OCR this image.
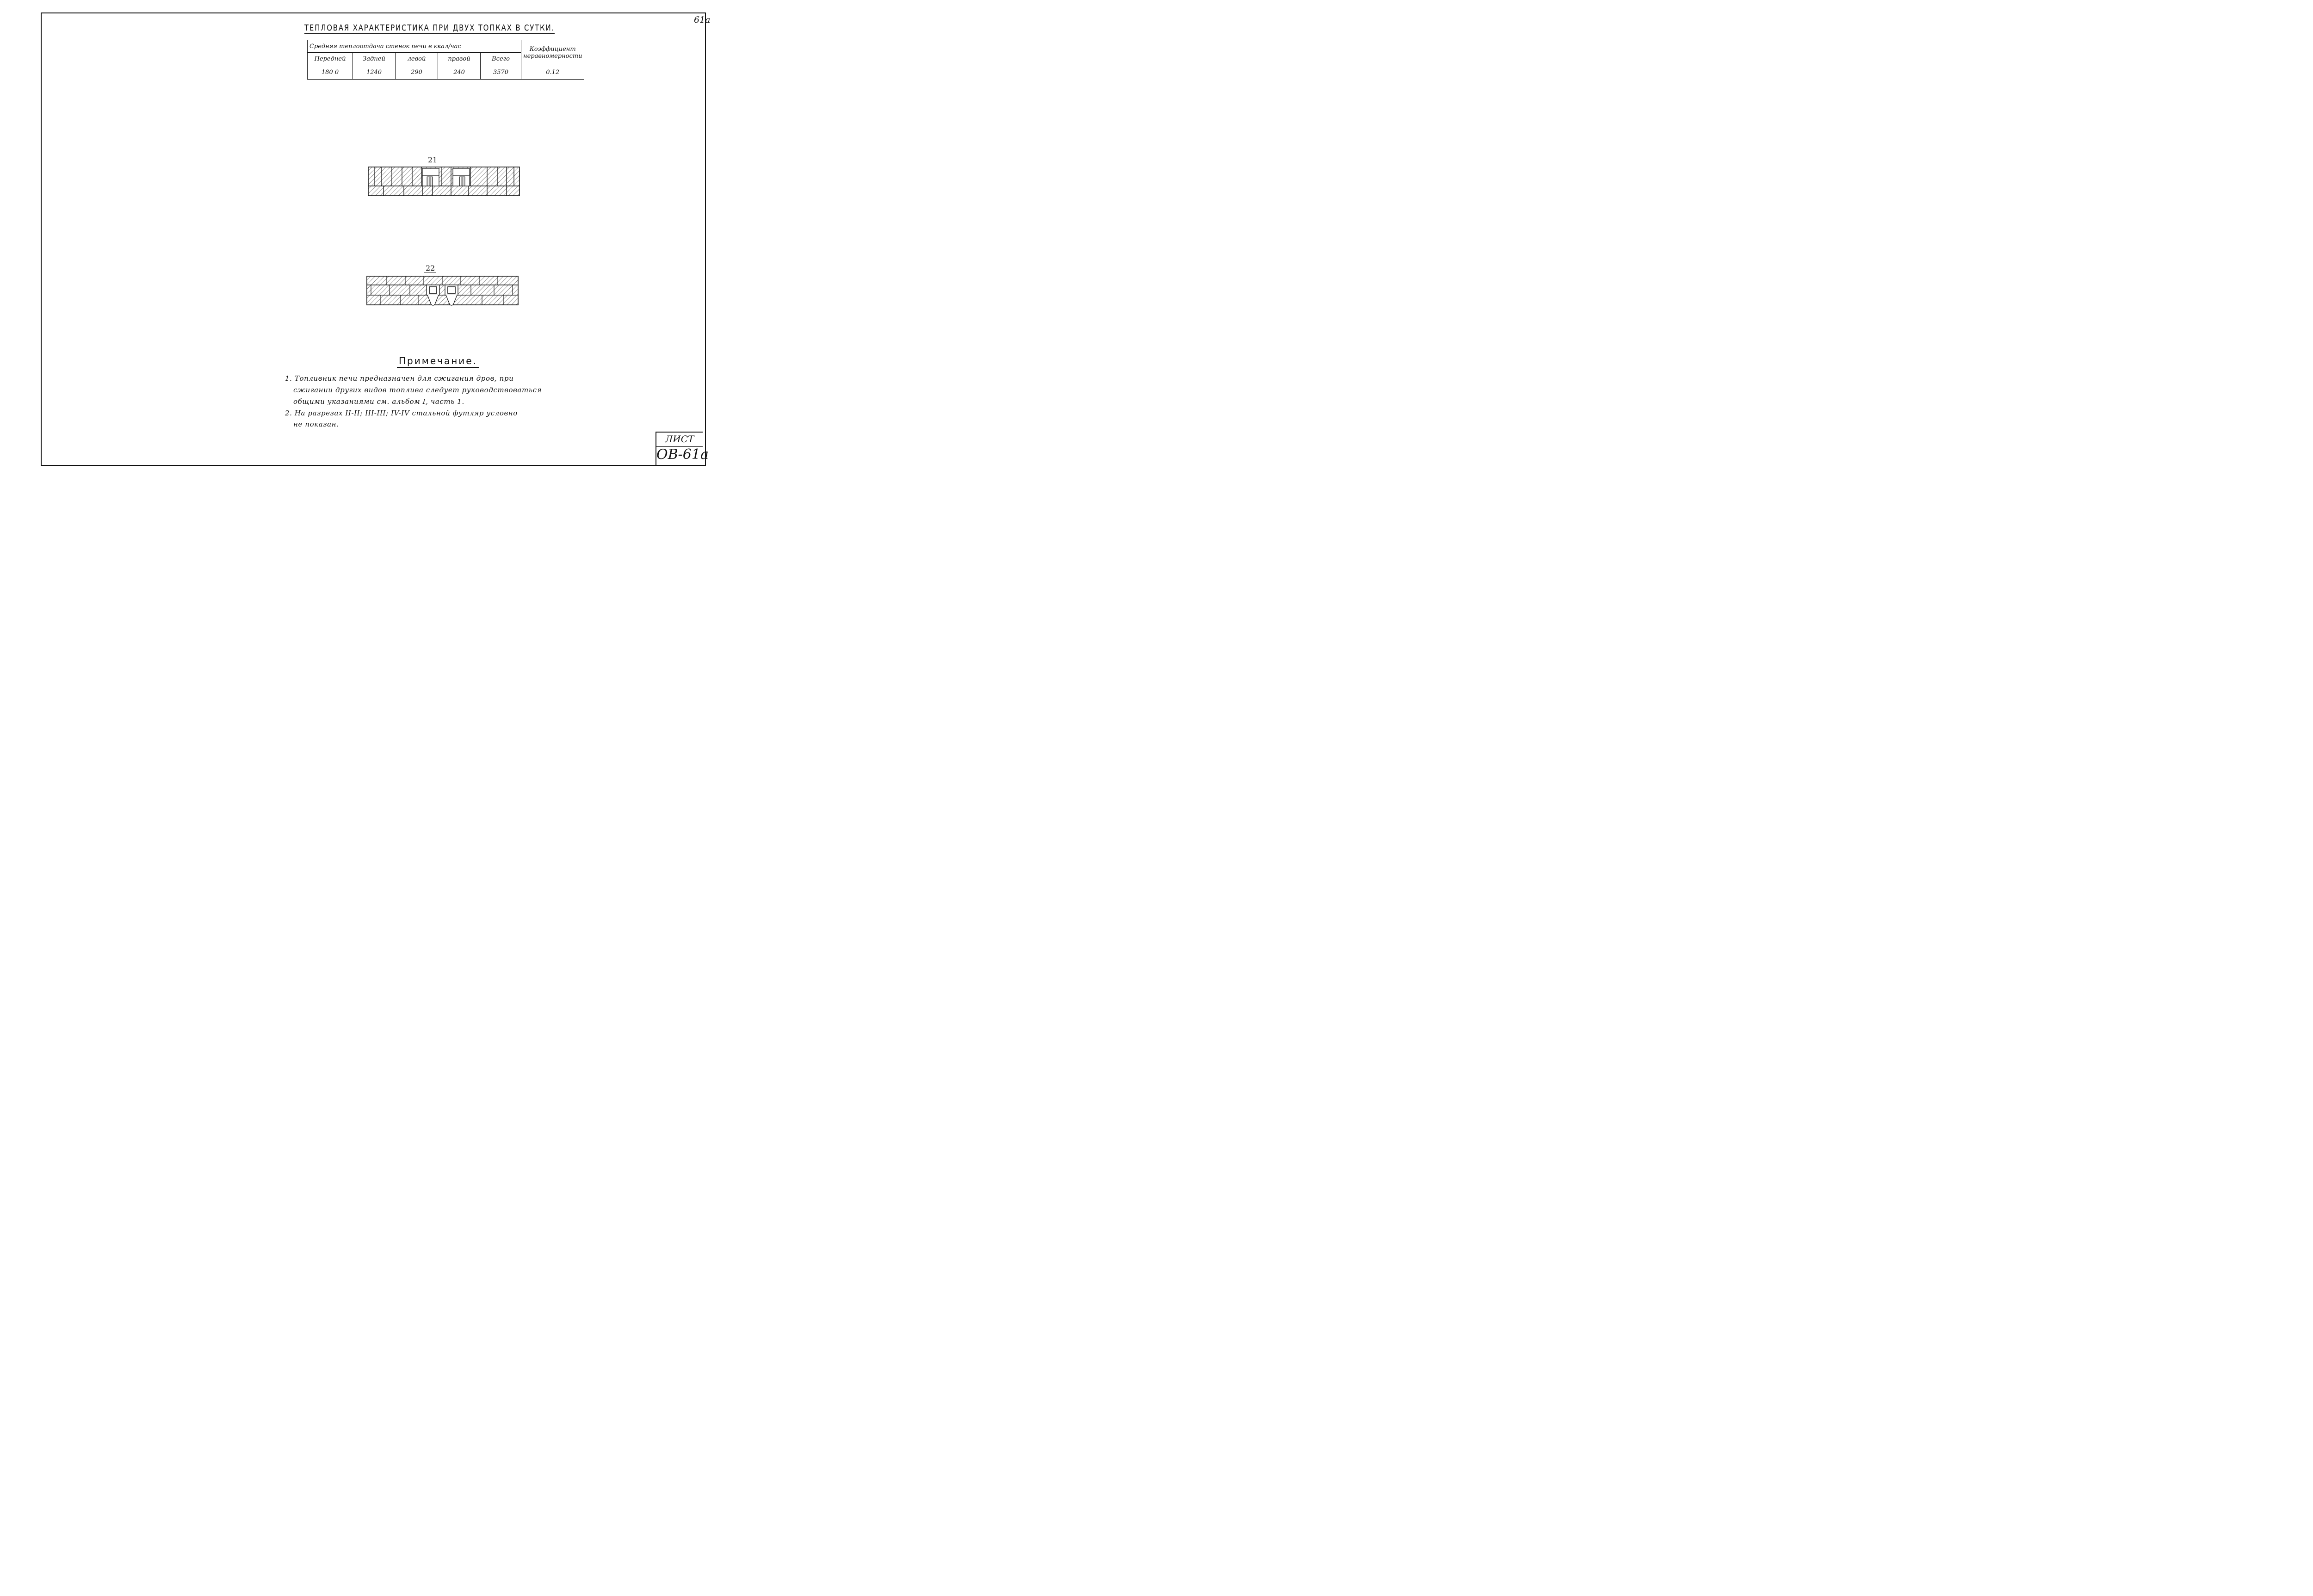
61a
ТЕПЛОВАЯ ХАРАКТЕРИСТИКА ПРИ ДВУХ ТОПКАХ В СУТКИ.
Средняя теплоотдача стенок печи в ккал/час					Коэффициент неравномерности
Передней	Задней	левой	правой	Всего	
180 0	1240	290	240	3570	0.12
21
22
Примечание.
1. Топливник печи предназначен для сжигания дров, при
сжигании других видов топлива следует руководствоваться
общими указаниями см. альбом I, часть 1.
2. На разрезах II-II; III-III; IV-IV стальной футляр условно
не показан.
ЛИСТ
ОВ-61а
